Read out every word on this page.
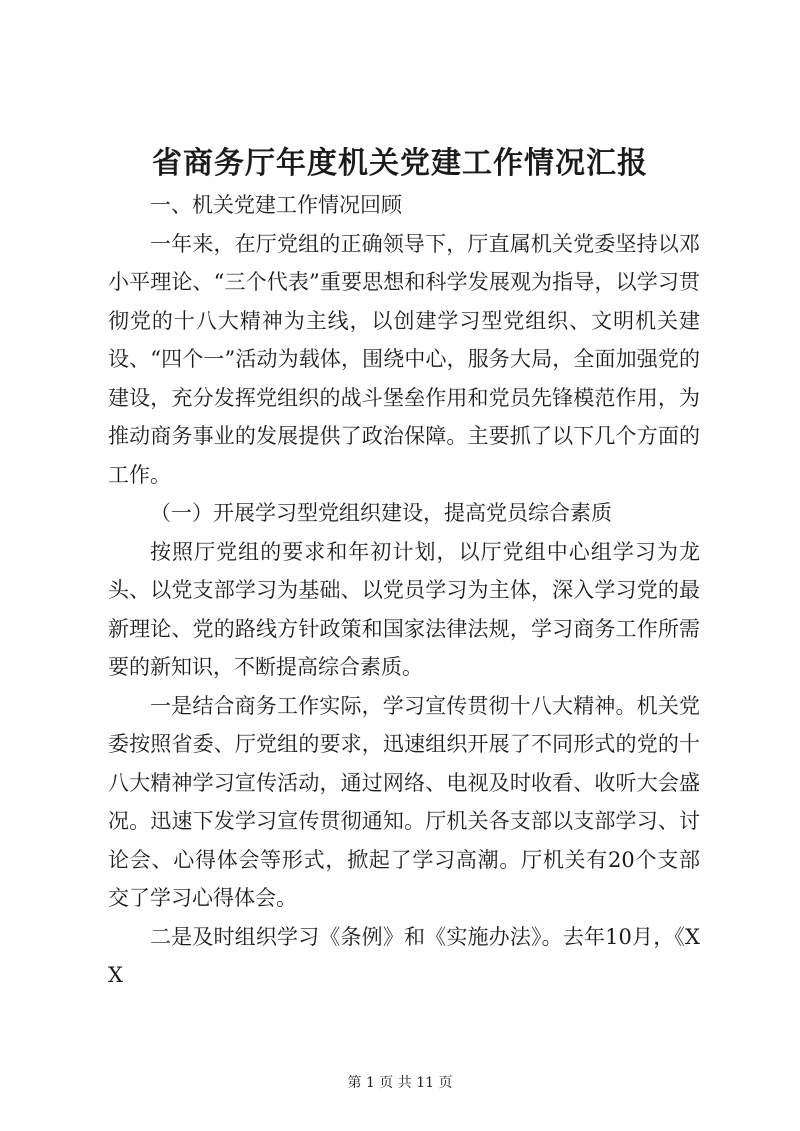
省商务厅年度机关党建工作情况汇报

一、机关党建工作情况回顾

一年来，在厅党组的正确领导下，厅直属机关党委坚持以邓小平理论、“三个代表”重要思想和科学发展观为指导，以学习贯彻党的十八大精神为主线，以创建学习型党组织、文明机关建设、“四个一”活动为载体，围绕中心，服务大局，全面加强党的建设，充分发挥党组织的战斗堡垒作用和党员先锋模范作用，为推动商务事业的发展提供了政治保障。主要抓了以下几个方面的工作。

（一）开展学习型党组织建设，提高党员综合素质

按照厅党组的要求和年初计划，以厅党组中心组学习为龙头、以党支部学习为基础、以党员学习为主体，深入学习党的最新理论、党的路线方针政策和国家法律法规，学习商务工作所需要的新知识，不断提高综合素质。

一是结合商务工作实际，学习宣传贯彻十八大精神。机关党委按照省委、厅党组的要求，迅速组织开展了不同形式的党的十八大精神学习宣传活动，通过网络、电视及时收看、收听大会盛况。迅速下发学习宣传贯彻通知。厅机关各支部以支部学习、讨论会、心得体会等形式，掀起了学习高潮。厅机关有20个支部交了学习心得体会。

二是及时组织学习《条例》和《实施办法》。去年10月，《XX

第 1 页 共 11 页
